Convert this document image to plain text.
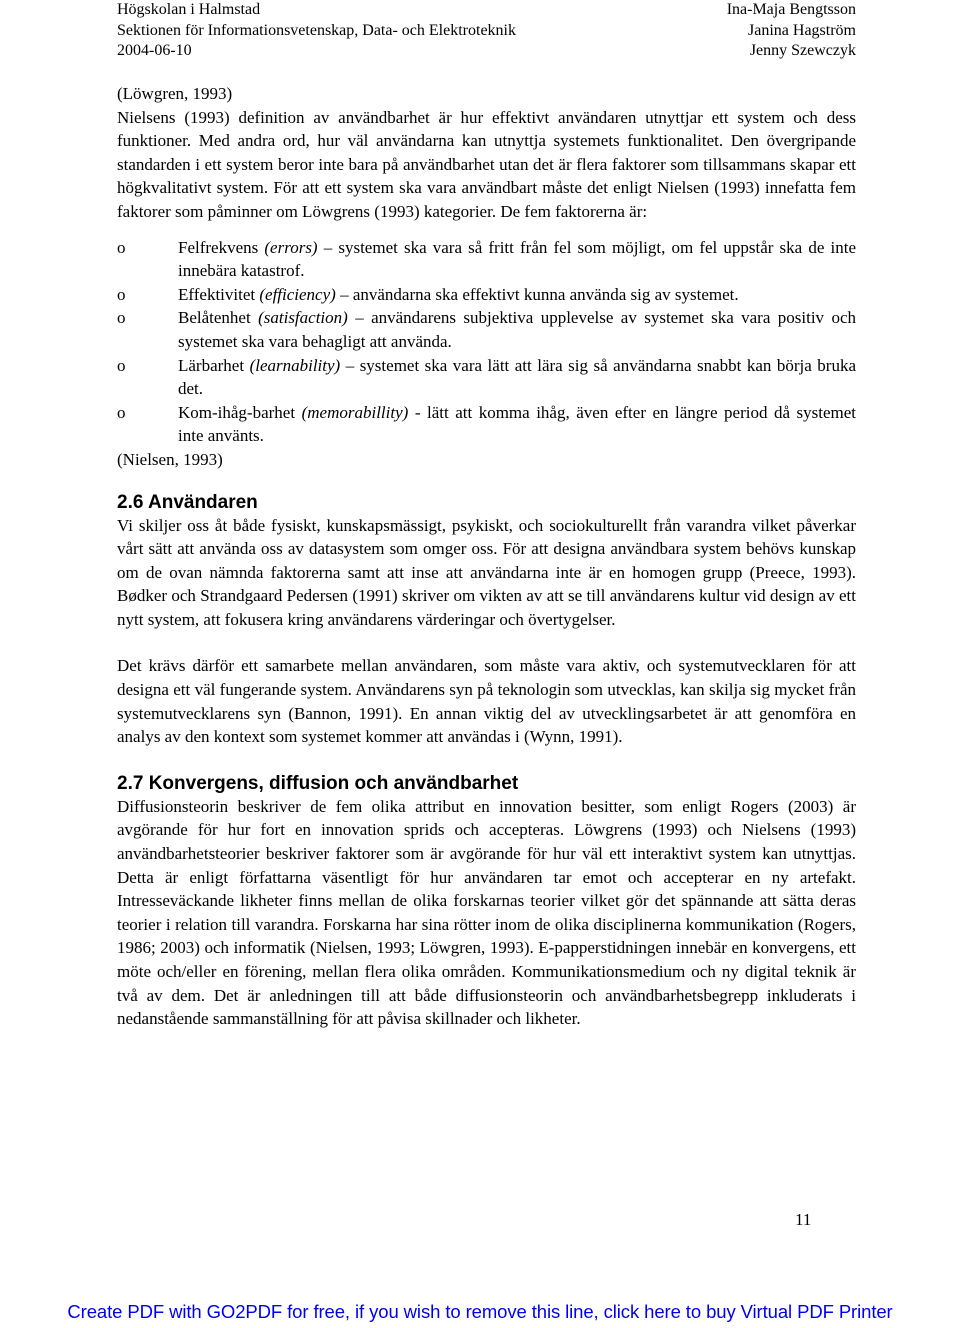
Högskolan i Halmstad
Sektionen för Informationsvetenskap, Data- och Elektroteknik
2004-06-10
Ina-Maja Bengtsson
Janina Hagström
Jenny Szewczyk

(Löwgren, 1993)

Nielsens (1993) definition av användbarhet är hur effektivt användaren utnyttjar ett system och dess funktioner. Med andra ord, hur väl användarna kan utnyttja systemets funktionalitet. Den övergripande standarden i ett system beror inte bara på användbarhet utan det är flera faktorer som tillsammans skapar ett högkvalitativt system. För att ett system ska vara användbart måste det enligt Nielsen (1993) innefatta fem faktorer som påminner om Löwgrens (1993) kategorier. De fem faktorerna är:

o	Felfrekvens (errors) – systemet ska vara så fritt från fel som möjligt, om fel uppstår ska de inte innebära katastrof.
o	Effektivitet (efficiency) – användarna ska effektivt kunna använda sig av systemet.
o	Belåtenhet (satisfaction) – användarens subjektiva upplevelse av systemet ska vara positiv och systemet ska vara behagligt att använda.
o	Lärbarhet (learnability) – systemet ska vara lätt att lära sig så användarna snabbt kan börja bruka det.
o	Kom-ihåg-barhet (memorabillity) - lätt att komma ihåg, även efter en längre period då systemet inte använts.

(Nielsen, 1993)

2.6 Användaren

Vi skiljer oss åt både fysiskt, kunskapsmässigt, psykiskt, och sociokulturellt från varandra vilket påverkar vårt sätt att använda oss av datasystem som omger oss. För att designa användbara system behövs kunskap om de ovan nämnda faktorerna samt att inse att användarna inte är en homogen grupp (Preece, 1993). Bødker och Strandgaard Pedersen (1991) skriver om vikten av att se till användarens kultur vid design av ett nytt system, att fokusera kring användarens värderingar och övertygelser.

Det krävs därför ett samarbete mellan användaren, som måste vara aktiv, och systemutvecklaren för att designa ett väl fungerande system. Användarens syn på teknologin som utvecklas, kan skilja sig mycket från systemutvecklarens syn (Bannon, 1991). En annan viktig del av utvecklingsarbetet är att genomföra en analys av den kontext som systemet kommer att användas i (Wynn, 1991).

2.7 Konvergens, diffusion och användbarhet

Diffusionsteorin beskriver de fem olika attribut en innovation besitter, som enligt Rogers (2003) är avgörande för hur fort en innovation sprids och accepteras. Löwgrens (1993) och Nielsens (1993) användbarhetsteorier beskriver faktorer som är avgörande för hur väl ett interaktivt system kan utnyttjas. Detta är enligt författarna väsentligt för hur användaren tar emot och accepterar en ny artefakt. Intresseväckande likheter finns mellan de olika forskarnas teorier vilket gör det spännande att sätta deras teorier i relation till varandra. Forskarna har sina rötter inom de olika disciplinerna kommunikation (Rogers, 1986; 2003) och informatik (Nielsen, 1993; Löwgren, 1993). E-papperstidningen innebär en konvergens, ett möte och/eller en förening, mellan flera olika områden. Kommunikationsmedium och ny digital teknik är två av dem. Det är anledningen till att både diffusionsteorin och användbarhetsbegrepp inkluderats i nedanstående sammanställning för att påvisa skillnader och likheter.

11
Create PDF with GO2PDF for free, if you wish to remove this line, click here to buy Virtual PDF Printer
